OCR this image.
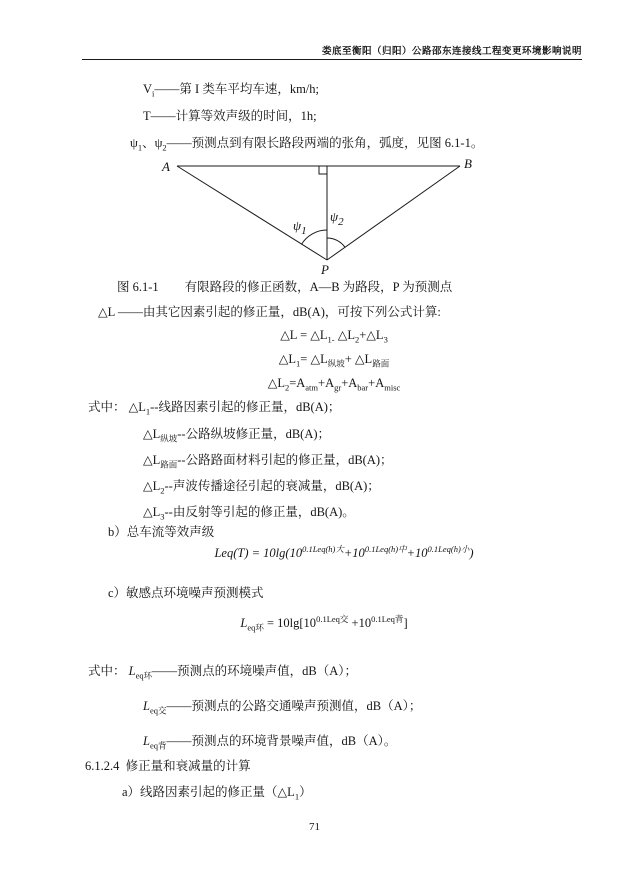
娄底至衡阳（归阳）公路邵东连接线工程变更环境影响说明
$V_i——$第 I 类车平均车速，km/h;
T——计算等效声级的时间，1h;
$\psi_1$、$\psi_2——$预测点到有限长路段两端的张角，弧度，见图 6.1-1。
A	B
P
$\psi_1$
$\psi_2$
图 6.1-1 有限路段的修正函数，A—B 为路段，P 为预测点
△L ——由其它因素引起的修正量，dB(A)，可按下列公式计算:
△L = $\triangle L_{1-}$ $\triangle L_2+\triangle L_3$
$\triangle L_1=$ $\triangle L_{纵坡}+$ $\triangle L_{路面}$
$\triangle L_2=A_{atm}+A_{gr}+A_{bar}+A_{misc}$
式中： $\triangle L_1--$线路因素引起的修正量，dB(A)；
$\triangle L_{纵坡}--$公路纵坡修正量，dB(A)；
$\triangle L_{路面}--$公路路面材料引起的修正量，dB(A)；
$\triangle L_2--$声波传播途径引起的衰减量，dB(A)；
$\triangle L_3--$由反射等引起的修正量，dB(A)。
b）总车流等效声级
$Leq(T) = 10\lg(10^{0.1Leq(h)大}+10^{0.1Leq(h)中}+10^{0.1Leq(h)小})$
c）敏感点环境噪声预测模式
$L_{eq环} = 10\lg[10^{0.1Leq交} +10^{0.1Leq背}]$
式中： $L_{eq环}——$预测点的环境噪声值，dB（A）；
$L_{eq交}——$预测点的公路交通噪声预测值，dB（A）；
$L_{eq背}——$预测点的环境背景噪声值，dB（A）。
6.1.2.4 修正量和衰减量的计算
a）线路因素引起的修正量$(\triangle L_1)$
71
